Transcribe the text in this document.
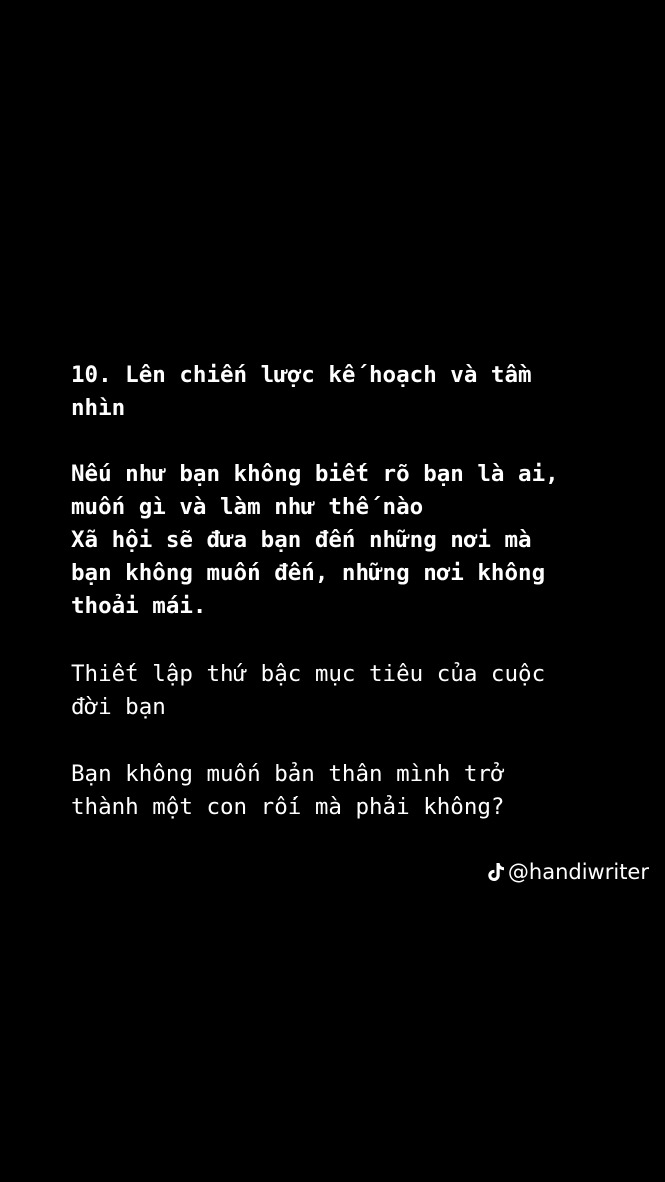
10. Lên chiến lược kế hoạch và tầm
nhìn

Nếu như bạn không biết rõ bạn là ai,
muốn gì và làm như thế nào
Xã hội sẽ đưa bạn đến những nơi mà
bạn không muốn đến, những nơi không
thoải mái.

Thiết lập thứ bậc mục tiêu của cuộc
đời bạn

Bạn không muốn bản thân mình trở
thành một con rối mà phải không?

@handiwriter
